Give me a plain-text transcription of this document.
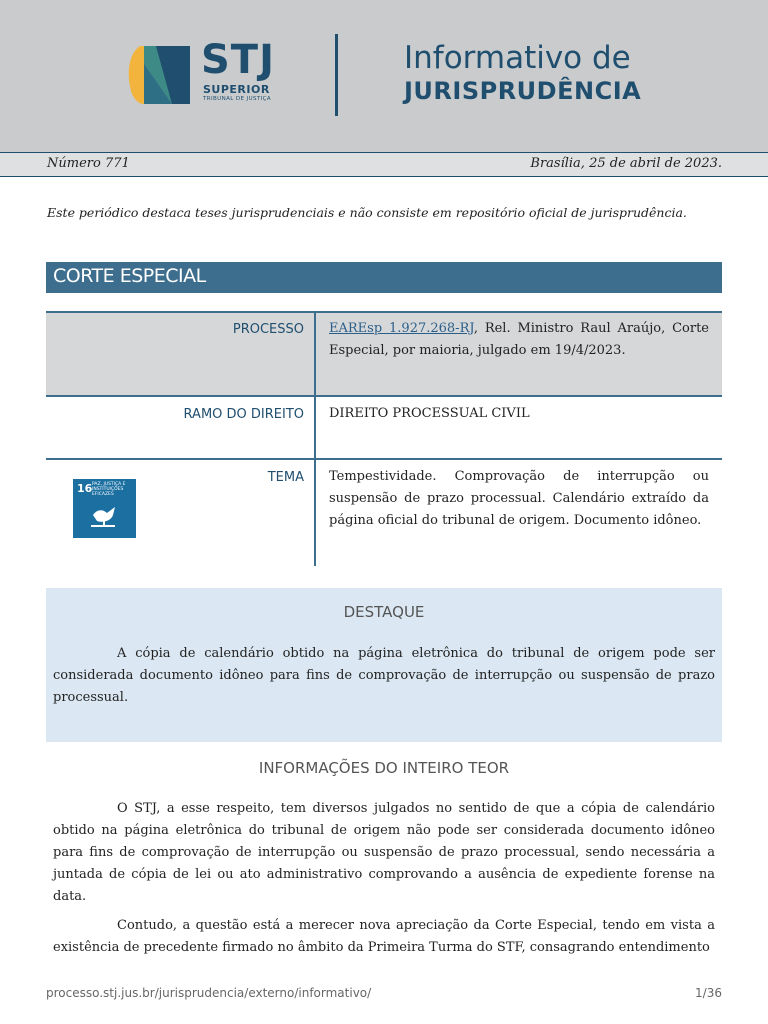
STJ
SUPERIOR
TRIBUNAL DE JUSTIÇA
Informativo de
JURISPRUDÊNCIA
Número 771	Brasília, 25 de abril de 2023.
Este periódico destaca teses jurisprudenciais e não consiste em repositório oficial de jurisprudência.
CORTE ESPECIAL
PROCESSO EAREsp 1.927.268-RJ, Rel. Ministro Raul Araújo, Corte Especial, por maioria, julgado em 19/4/2023.
RAMO DO DIREITO DIREITO PROCESSUAL CIVIL
TEMA Tempestividade. Comprovação de interrupção ou suspensão de prazo processual. Calendário extraído da página oficial do tribunal de origem. Documento idôneo.
16 PAZ, JUSTIÇA E INSTITUIÇÕES EFICAZES
DESTAQUE
A cópia de calendário obtido na página eletrônica do tribunal de origem pode ser considerada documento idôneo para fins de comprovação de interrupção ou suspensão de prazo processual.
INFORMAÇÕES DO INTEIRO TEOR
O STJ, a esse respeito, tem diversos julgados no sentido de que a cópia de calendário obtido na página eletrônica do tribunal de origem não pode ser considerada documento idôneo para fins de comprovação de interrupção ou suspensão de prazo processual, sendo necessária a juntada de cópia de lei ou ato administrativo comprovando a ausência de expediente forense na data.
Contudo, a questão está a merecer nova apreciação da Corte Especial, tendo em vista a existência de precedente firmado no âmbito da Primeira Turma do STF, consagrando entendimento
processo.stj.jus.br/jurisprudencia/externo/informativo/	1/36
